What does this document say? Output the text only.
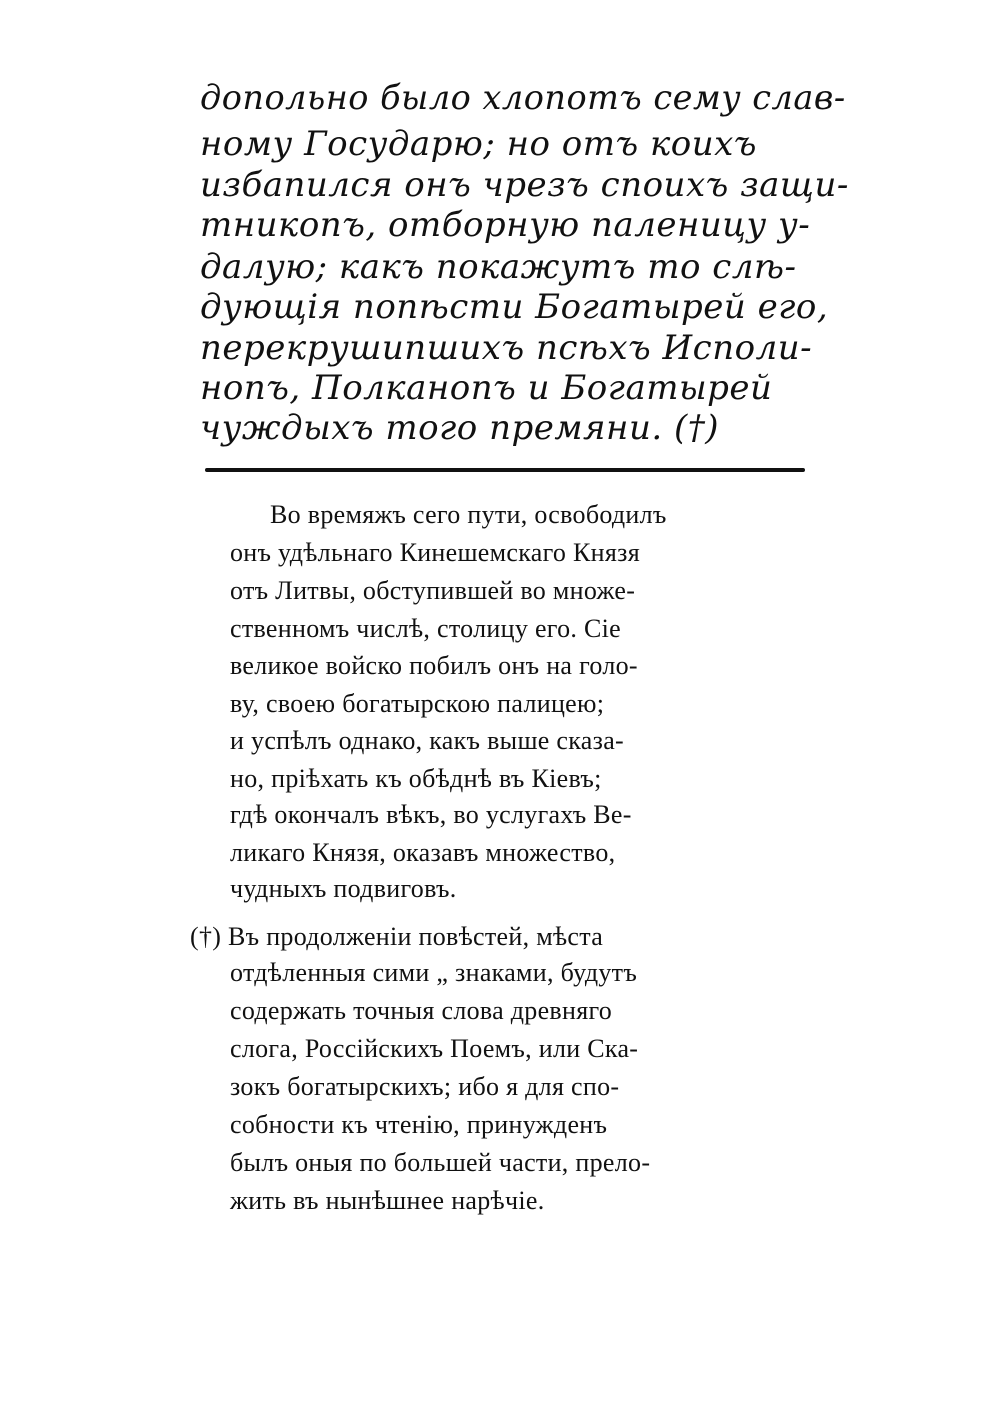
допольно было хлопотъ сему слав-

ному Государю; но отъ коихъ

избапился онъ чрезъ споихъ защи-

тникопъ, отборную паленицу у-

далую; какъ покажутъ то слѣ-

дующія попѣсти Богатырей его,

перекрушипшихъ псѣхъ Исполи-

нопъ, Полканопъ и Богатырей

чуждыхъ того премяни. (†)

Во времяжъ сего пути, освободилъ

онъ удѣльнаго Кинешемскаго Князя

отъ Литвы, обступившей во множе-

ственномъ числѣ, столицу его. Сіе

великое войско побилъ онъ на голо-

ву, своею богатырскою палицею;

и успѣлъ однако, какъ выше сказа-

но, пріѣхать къ обѣднѣ въ Кіевъ;

гдѣ окончалъ вѣкъ, во услугахъ Ве-

ликаго Князя, оказавъ множество,

чудныхъ подвиговъ.

(†) Въ продолженіи повѣстей, мѣста

отдѣленныя сими „ знаками, будутъ

содержать точныя слова древняго

слога, Россійскихъ Поемъ, или Ска-

зокъ богатырскихъ; ибо я для спо-

собности къ чтенію, принужденъ

былъ оныя по большей части, прело-

жить въ нынѣшнее нарѣчіе.
